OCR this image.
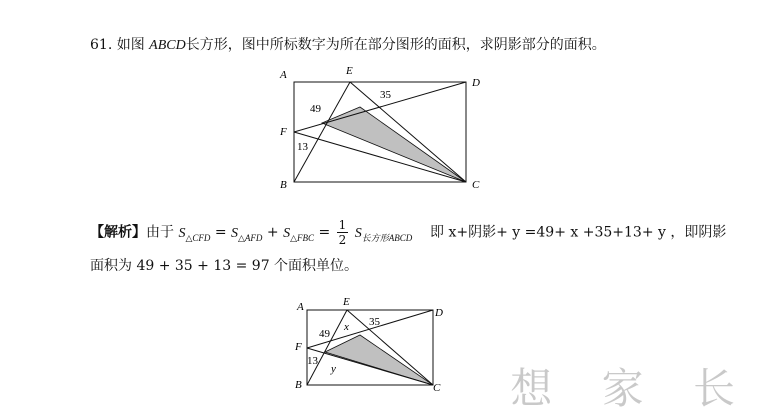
61. 如图 ABCD长方形，图中所标数字为所在部分图形的面积，求阴影部分的面积。
A	E
D
F
B	C
49
35
13
【解析】由于 $S_{\triangle CFD} = S_{\triangle AFD} + S_{\triangle FBC} = \frac{1}{2} S_{长方形ABCD}$ 即 x+阴影+ y =49+ x +35+13+ y ，即阴影
面积为 49 + 35 + 13 = 97 个面积单位。
A	E
D
F
B	C
49
x 35
13
y	想 家 长
